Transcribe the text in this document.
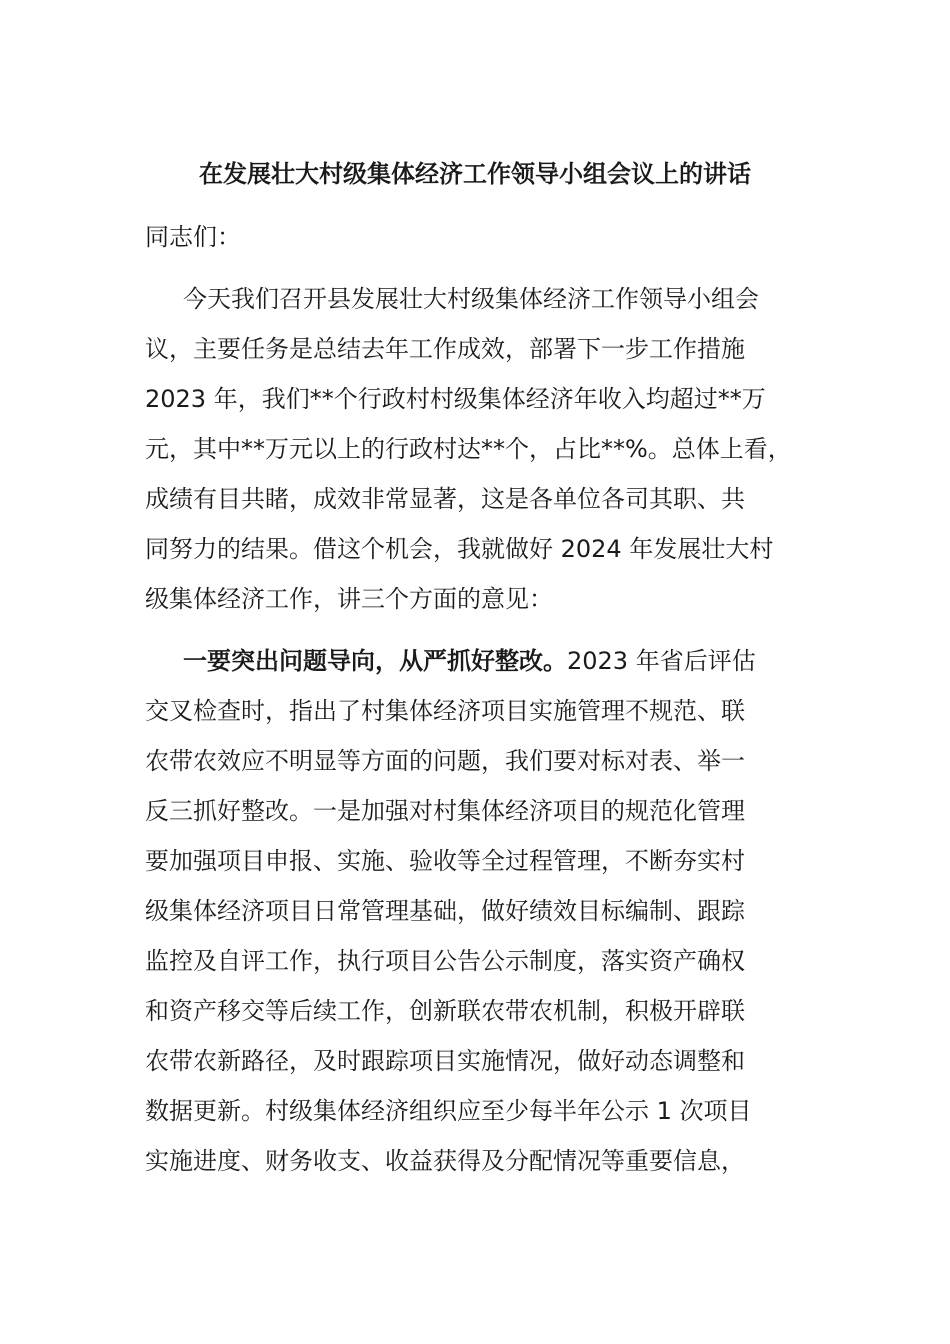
在发展壮大村级集体经济工作领导小组会议上的讲话
同志们：
今天我们召开县发展壮大村级集体经济工作领导小组会
议，主要任务是总结去年工作成效，部署下一步工作措施
2023 年，我们**个行政村村级集体经济年收入均超过**万
元，其中**万元以上的行政村达**个，占比**%。总体上看，
成绩有目共睹，成效非常显著，这是各单位各司其职、共
同努力的结果。借这个机会，我就做好 2024 年发展壮大村
级集体经济工作，讲三个方面的意见：
一要突出问题导向，从严抓好整改。2023 年省后评估
交叉检查时，指出了村集体经济项目实施管理不规范、联
农带农效应不明显等方面的问题，我们要对标对表、举一
反三抓好整改。一是加强对村集体经济项目的规范化管理
要加强项目申报、实施、验收等全过程管理，不断夯实村
级集体经济项目日常管理基础，做好绩效目标编制、跟踪
监控及自评工作，执行项目公告公示制度，落实资产确权
和资产移交等后续工作，创新联农带农机制，积极开辟联
农带农新路径，及时跟踪项目实施情况，做好动态调整和
数据更新。村级集体经济组织应至少每半年公示 1 次项目
实施进度、财务收支、收益获得及分配情况等重要信息，
